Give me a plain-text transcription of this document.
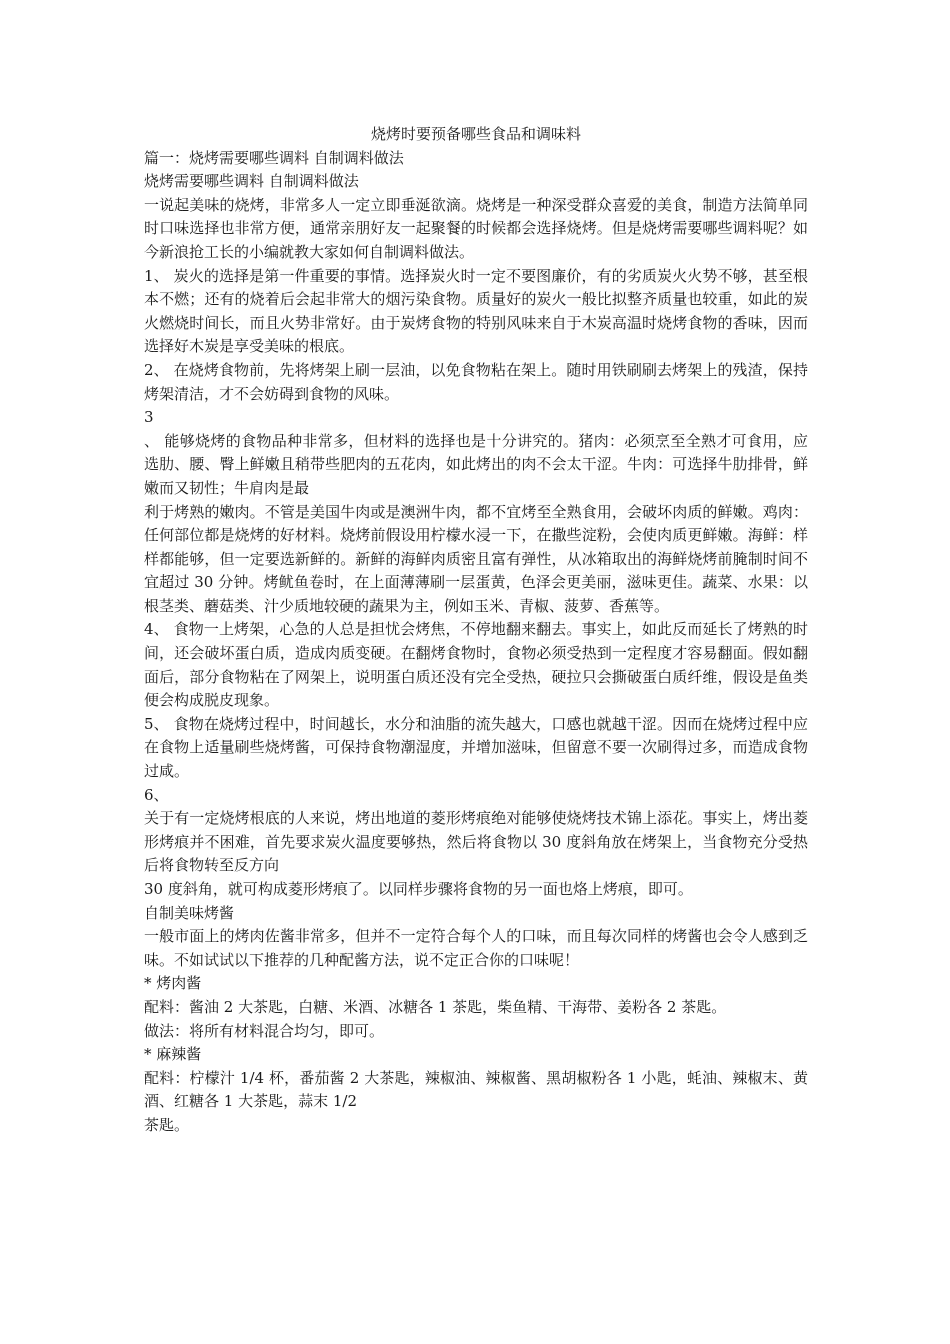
烧烤时要预备哪些食品和调味料

篇一：烧烤需要哪些调料 自制调料做法

烧烤需要哪些调料 自制调料做法

一说起美味的烧烤，非常多人一定立即垂涎欲滴。烧烤是一种深受群众喜爱的美食，制造方法简单同时口味选择也非常方便，通常亲朋好友一起聚餐的时候都会选择烧烤。但是烧烤需要哪些调料呢？如今新浪抢工长的小编就教大家如何自制调料做法。

1、 炭火的选择是第一件重要的事情。选择炭火时一定不要图廉价，有的劣质炭火火势不够，甚至根本不燃；还有的烧着后会起非常大的烟污染食物。质量好的炭火一般比拟整齐质量也较重，如此的炭火燃烧时间长，而且火势非常好。由于炭烤食物的特别风味来自于木炭高温时烧烤食物的香味，因而选择好木炭是享受美味的根底。

2、 在烧烤食物前，先将烤架上刷一层油，以免食物粘在架上。随时用铁刷刷去烤架上的残渣，保持烤架清洁，才不会妨碍到食物的风味。

3

、 能够烧烤的食物品种非常多，但材料的选择也是十分讲究的。猪肉：必须烹至全熟才可食用，应选肋、腰、臀上鲜嫩且稍带些肥肉的五花肉，如此烤出的肉不会太干涩。牛肉：可选择牛肋排骨，鲜嫩而又韧性；牛肩肉是最

利于烤熟的嫩肉。不管是美国牛肉或是澳洲牛肉，都不宜烤至全熟食用，会破坏肉质的鲜嫩。鸡肉：任何部位都是烧烤的好材料。烧烤前假设用柠檬水浸一下，在撒些淀粉，会使肉质更鲜嫩。海鲜：样样都能够，但一定要选新鲜的。新鲜的海鲜肉质密且富有弹性，从冰箱取出的海鲜烧烤前腌制时间不宜超过 30 分钟。烤鱿鱼卷时，在上面薄薄刷一层蛋黄，色泽会更美丽，滋味更佳。蔬菜、水果：以根茎类、蘑菇类、汁少质地较硬的蔬果为主，例如玉米、青椒、菠萝、香蕉等。

4、 食物一上烤架，心急的人总是担忧会烤焦，不停地翻来翻去。事实上，如此反而延长了烤熟的时间，还会破坏蛋白质，造成肉质变硬。在翻烤食物时，食物必须受热到一定程度才容易翻面。假如翻面后，部分食物粘在了网架上，说明蛋白质还没有完全受热，硬拉只会撕破蛋白质纤维，假设是鱼类便会构成脱皮现象。

5、 食物在烧烤过程中，时间越长，水分和油脂的流失越大，口感也就越干涩。因而在烧烤过程中应在食物上适量刷些烧烤酱，可保持食物潮湿度，并增加滋味，但留意不要一次刷得过多，而造成食物过咸。

6、

关于有一定烧烤根底的人来说，烤出地道的菱形烤痕绝对能够使烧烤技术锦上添花。事实上，烤出菱形烤痕并不困难，首先要求炭火温度要够热，然后将食物以 30 度斜角放在烤架上，当食物充分受热后将食物转至反方向

30 度斜角，就可构成菱形烤痕了。以同样步骤将食物的另一面也烙上烤痕，即可。

自制美味烤酱

一般市面上的烤肉佐酱非常多，但并不一定符合每个人的口味，而且每次同样的烤酱也会令人感到乏味。不如试试以下推荐的几种配酱方法，说不定正合你的口味呢！

* 烤肉酱

配料：酱油 2 大茶匙，白糖、米酒、冰糖各 1 茶匙，柴鱼精、干海带、姜粉各 2 茶匙。

做法：将所有材料混合均匀，即可。

* 麻辣酱

配料：柠檬汁 1/4 杯，番茄酱 2 大茶匙，辣椒油、辣椒酱、黑胡椒粉各 1 小匙，蚝油、辣椒末、黄酒、红糖各 1 大茶匙，蒜末 1/2

茶匙。
